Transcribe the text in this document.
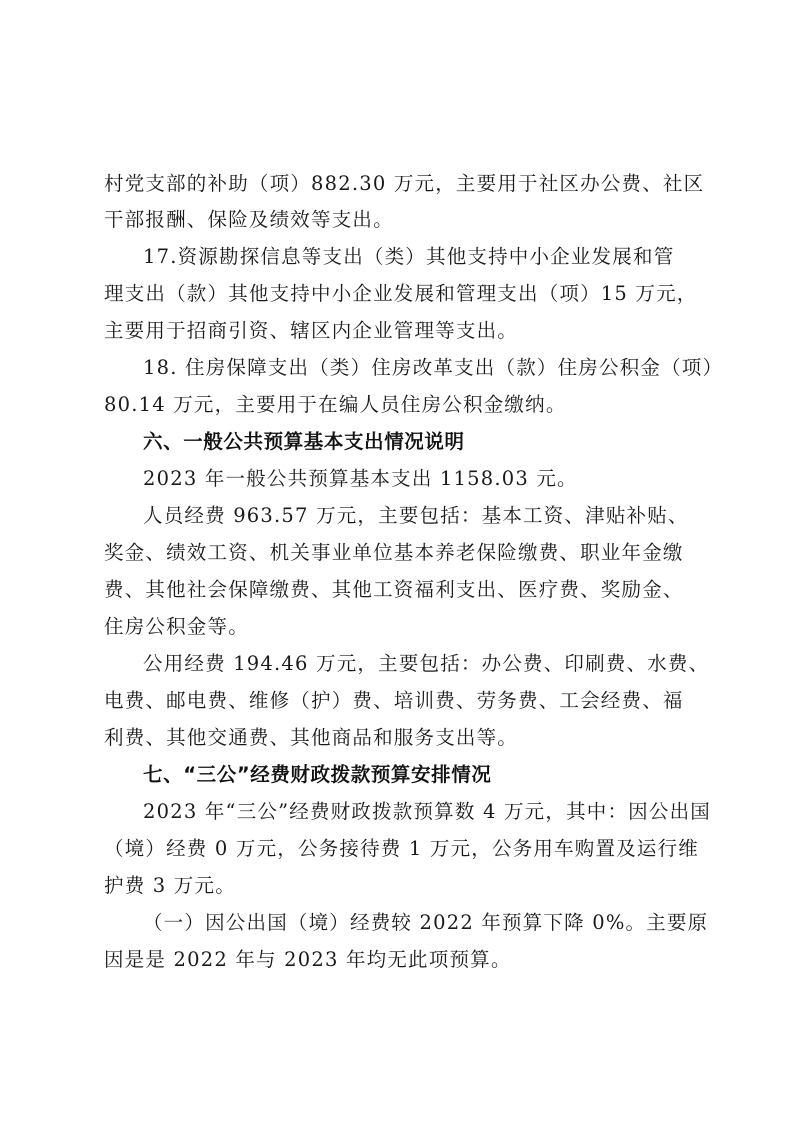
村党支部的补助（项）882.30 万元，主要用于社区办公费、社区
干部报酬、保险及绩效等支出。
17.资源勘探信息等支出（类）其他支持中小企业发展和管
理支出（款）其他支持中小企业发展和管理支出（项）15 万元，
主要用于招商引资、辖区内企业管理等支出。
18. 住房保障支出（类）住房改革支出（款）住房公积金（项）
80.14 万元，主要用于在编人员住房公积金缴纳。
六、一般公共预算基本支出情况说明
2023 年一般公共预算基本支出 1158.03 元。
人员经费 963.57 万元，主要包括：基本工资、津贴补贴、
奖金、绩效工资、机关事业单位基本养老保险缴费、职业年金缴
费、其他社会保障缴费、其他工资福利支出、医疗费、奖励金、
住房公积金等。
公用经费 194.46 万元，主要包括：办公费、印刷费、水费、
电费、邮电费、维修（护）费、培训费、劳务费、工会经费、福
利费、其他交通费、其他商品和服务支出等。
七、“三公”经费财政拨款预算安排情况
2023 年“三公”经费财政拨款预算数 4 万元，其中：因公出国
（境）经费 0 万元，公务接待费 1 万元，公务用车购置及运行维
护费 3 万元。
（一）因公出国（境）经费较 2022 年预算下降 0%。主要原
因是是 2022 年与 2023 年均无此项预算。
